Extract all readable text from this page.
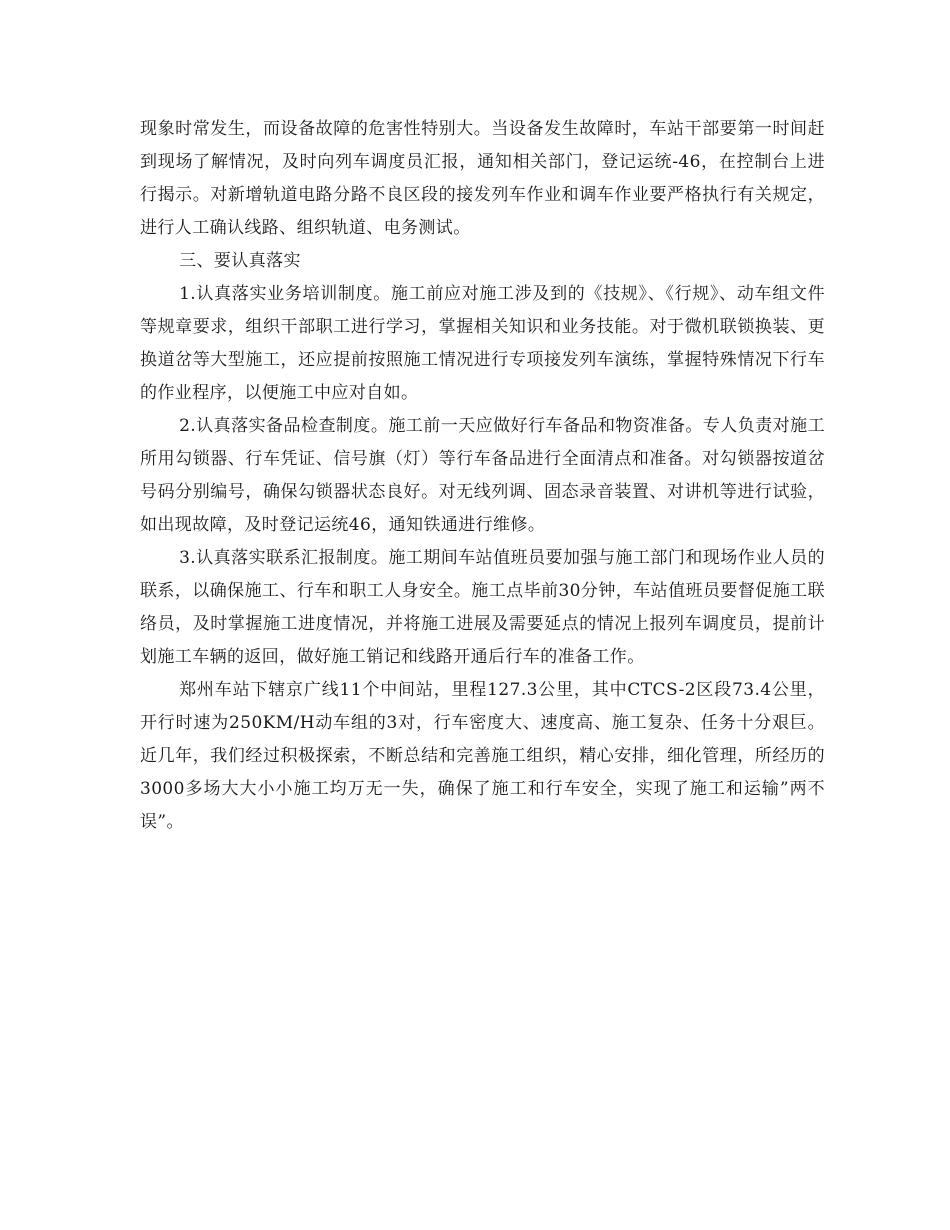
现象时常发生，而设备故障的危害性特别大。当设备发生故障时，车站干部要第一时间赶到现场了解情况，及时向列车调度员汇报，通知相关部门，登记运统-46，在控制台上进行揭示。对新增轨道电路分路不良区段的接发列车作业和调车作业要严格执行有关规定，进行人工确认线路、组织轨道、电务测试。

三、要认真落实

1.认真落实业务培训制度。施工前应对施工涉及到的《技规》、《行规》、动车组文件等规章要求，组织干部职工进行学习，掌握相关知识和业务技能。对于微机联锁换装、更换道岔等大型施工，还应提前按照施工情况进行专项接发列车演练，掌握特殊情况下行车的作业程序，以便施工中应对自如。

2.认真落实备品检查制度。施工前一天应做好行车备品和物资准备。专人负责对施工所用勾锁器、行车凭证、信号旗（灯）等行车备品进行全面清点和准备。对勾锁器按道岔号码分别编号，确保勾锁器状态良好。对无线列调、固态录音装置、对讲机等进行试验，如出现故障，及时登记运统46，通知铁通进行维修。

3.认真落实联系汇报制度。施工期间车站值班员要加强与施工部门和现场作业人员的联系，以确保施工、行车和职工人身安全。施工点毕前30分钟，车站值班员要督促施工联络员，及时掌握施工进度情况，并将施工进展及需要延点的情况上报列车调度员，提前计划施工车辆的返回，做好施工销记和线路开通后行车的准备工作。

郑州车站下辖京广线11个中间站，里程127.3公里，其中CTCS-2区段73.4公里，开行时速为250KM/H动车组的3对，行车密度大、速度高、施工复杂、任务十分艰巨。近几年，我们经过积极探索，不断总结和完善施工组织，精心安排，细化管理，所经历的3000多场大大小小施工均万无一失，确保了施工和行车安全，实现了施工和运输”两不误”。
